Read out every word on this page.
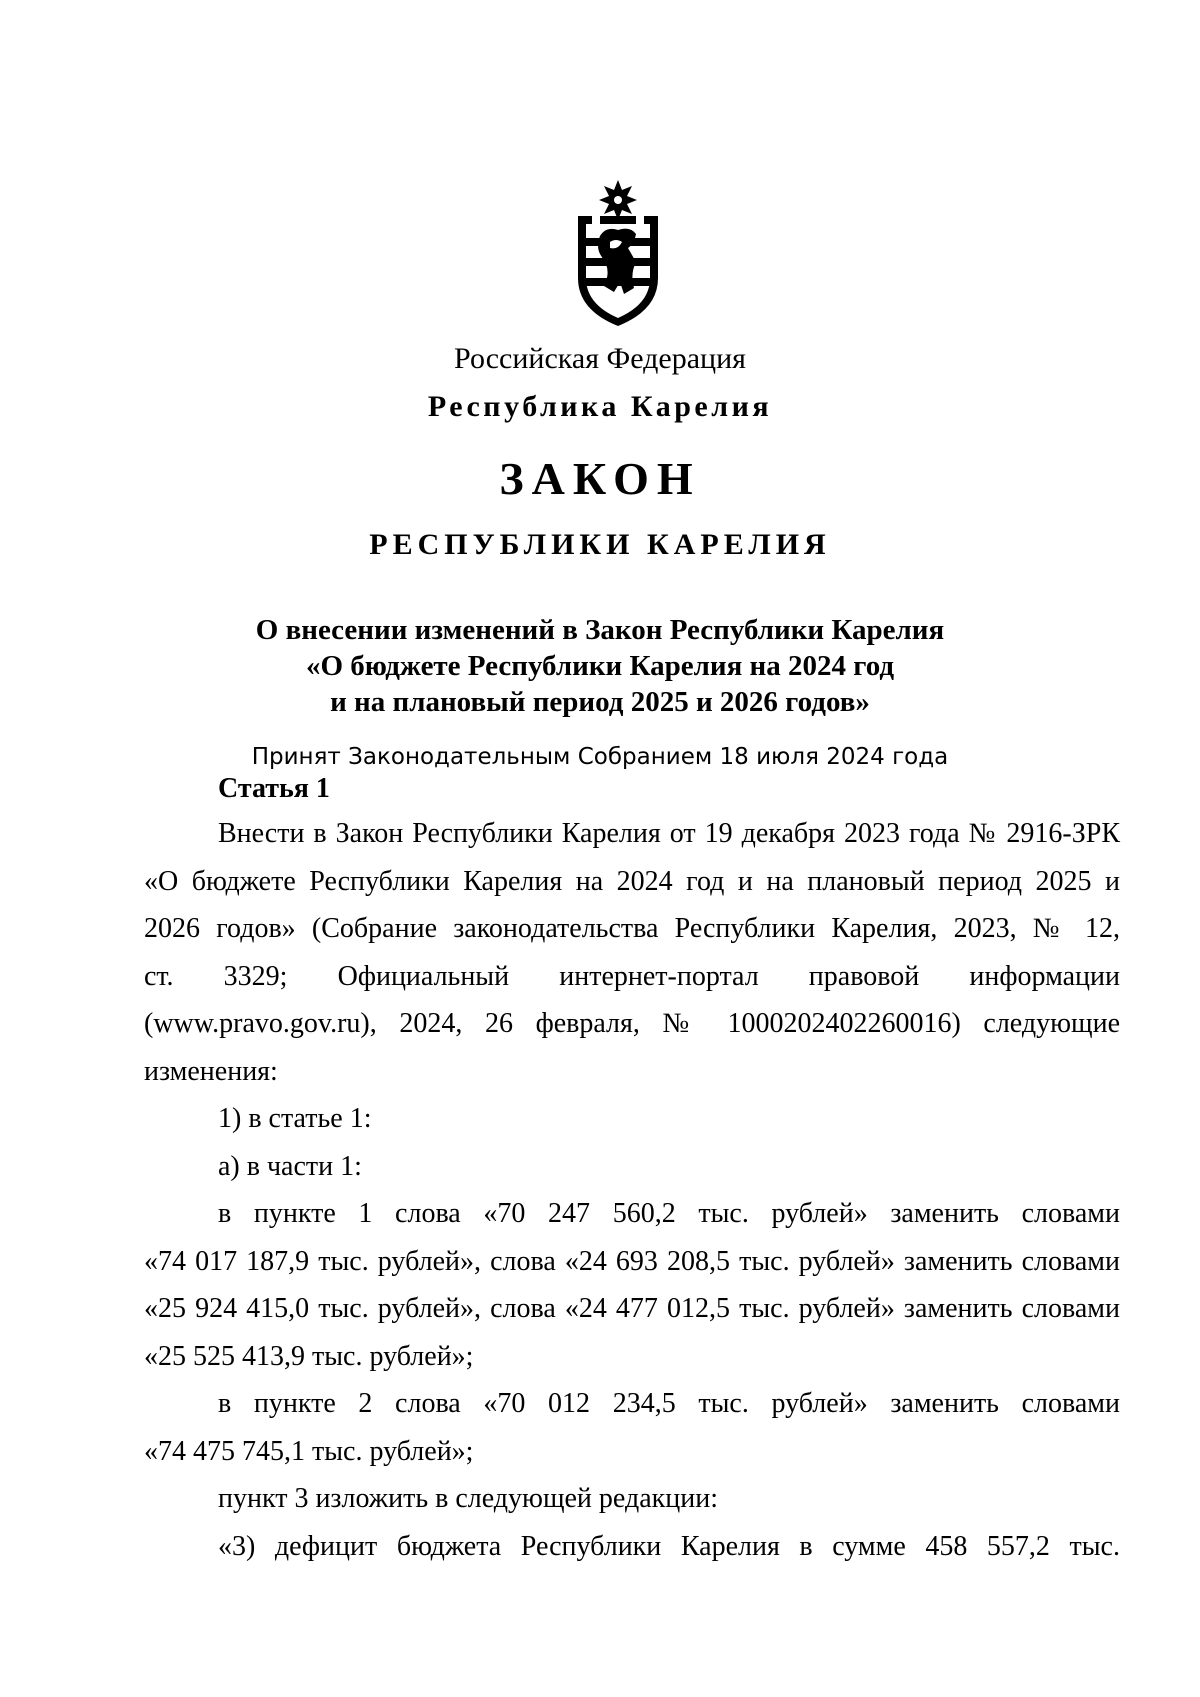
Российская Федерация
Республика Карелия
ЗАКОН
РЕСПУБЛИКИ КАРЕЛИЯ
О внесении изменений в Закон Республики Карелия
«О бюджете Республики Карелия на 2024 год
и на плановый период 2025 и 2026 годов»
Принят Законодательным Собранием 18 июля 2024 года
Статья 1

Внести в Закон Республики Карелия от 19 декабря 2023 года № 2916-ЗРК

«О бюджете Республики Карелия на 2024 год и на плановый период 2025 и

2026 годов» (Собрание законодательства Республики Карелия, 2023, № 12,

ст. 3329; Официальный интернет-портал правовой информации

(www.pravo.gov.ru), 2024, 26 февраля, № 1000202402260016) следующие

изменения:

1) в статье 1:

а) в части 1:

в пункте 1 слова «70 247 560,2 тыс. рублей» заменить словами

«74 017 187,9 тыс. рублей», слова «24 693 208,5 тыс. рублей» заменить словами

«25 924 415,0 тыс. рублей», слова «24 477 012,5 тыс. рублей» заменить словами

«25 525 413,9 тыс. рублей»;

в пункте 2 слова «70 012 234,5 тыс. рублей» заменить словами

«74 475 745,1 тыс. рублей»;

пункт 3 изложить в следующей редакции:

«3) дефицит бюджета Республики Карелия в сумме 458 557,2 тыс.
